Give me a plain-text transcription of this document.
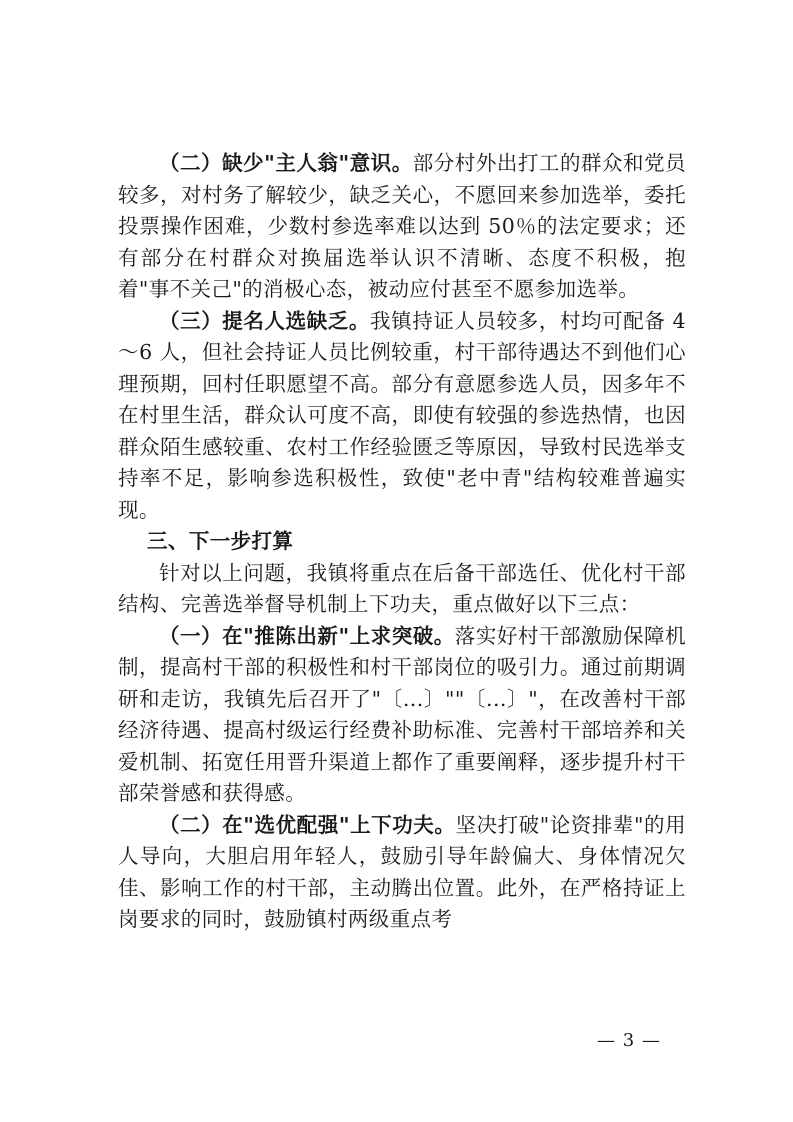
（二）缺少"主人翁"意识。部分村外出打工的群众和党员较多，对村务了解较少，缺乏关心，不愿回来参加选举，委托投票操作困难，少数村参选率难以达到 50％的法定要求；还有部分在村群众对换届选举认识不清晰、态度不积极，抱着"事不关己"的消极心态，被动应付甚至不愿参加选举。

（三）提名人选缺乏。我镇持证人员较多，村均可配备 4～6 人，但社会持证人员比例较重，村干部待遇达不到他们心理预期，回村任职愿望不高。部分有意愿参选人员，因多年不在村里生活，群众认可度不高，即使有较强的参选热情，也因群众陌生感较重、农村工作经验匮乏等原因，导致村民选举支持率不足，影响参选积极性，致使"老中青"结构较难普遍实现。

三、下一步打算

针对以上问题，我镇将重点在后备干部选任、优化村干部结构、完善选举督导机制上下功夫，重点做好以下三点：

（一）在"推陈出新"上求突破。落实好村干部激励保障机制，提高村干部的积极性和村干部岗位的吸引力。通过前期调研和走访，我镇先后召开了"〔...〕""〔...〕"，在改善村干部经济待遇、提高村级运行经费补助标准、完善村干部培养和关爱机制、拓宽任用晋升渠道上都作了重要阐释，逐步提升村干部荣誉感和获得感。

（二）在"选优配强"上下功夫。坚决打破"论资排辈"的用人导向，大胆启用年轻人，鼓励引导年龄偏大、身体情况欠佳、影响工作的村干部，主动腾出位置。此外，在严格持证上岗要求的同时，鼓励镇村两级重点考

— 3 —
